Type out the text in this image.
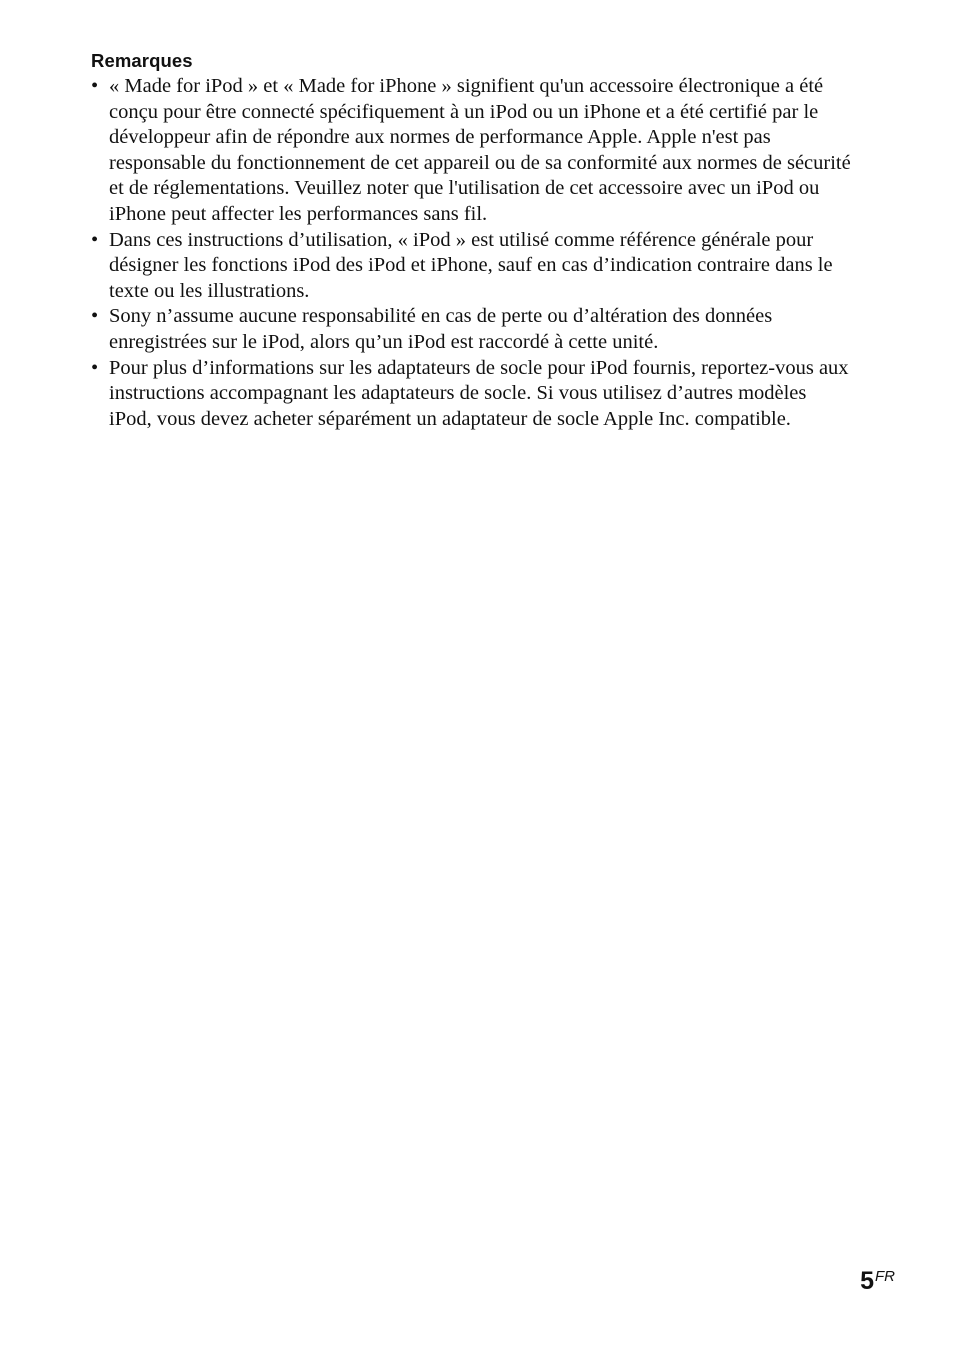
Remarques
• « Made for iPod » et « Made for iPhone » signifient qu'un accessoire électronique a été conçu pour être connecté spécifiquement à un iPod ou un iPhone et a été certifié par le développeur afin de répondre aux normes de performance Apple. Apple n'est pas responsable du fonctionnement de cet appareil ou de sa conformité aux normes de sécurité et de réglementations. Veuillez noter que l'utilisation de cet accessoire avec un iPod ou iPhone peut affecter les performances sans fil.
• Dans ces instructions d’utilisation, « iPod » est utilisé comme référence générale pour désigner les fonctions iPod des iPod et iPhone, sauf en cas d’indication contraire dans le texte ou les illustrations.
• Sony n’assume aucune responsabilité en cas de perte ou d’altération des données enregistrées sur le iPod, alors qu’un iPod est raccordé à cette unité.
• Pour plus d’informations sur les adaptateurs de socle pour iPod fournis, reportez-vous aux instructions accompagnant les adaptateurs de socle. Si vous utilisez d’autres modèles iPod, vous devez acheter séparément un adaptateur de socle Apple Inc. compatible.
5FR
